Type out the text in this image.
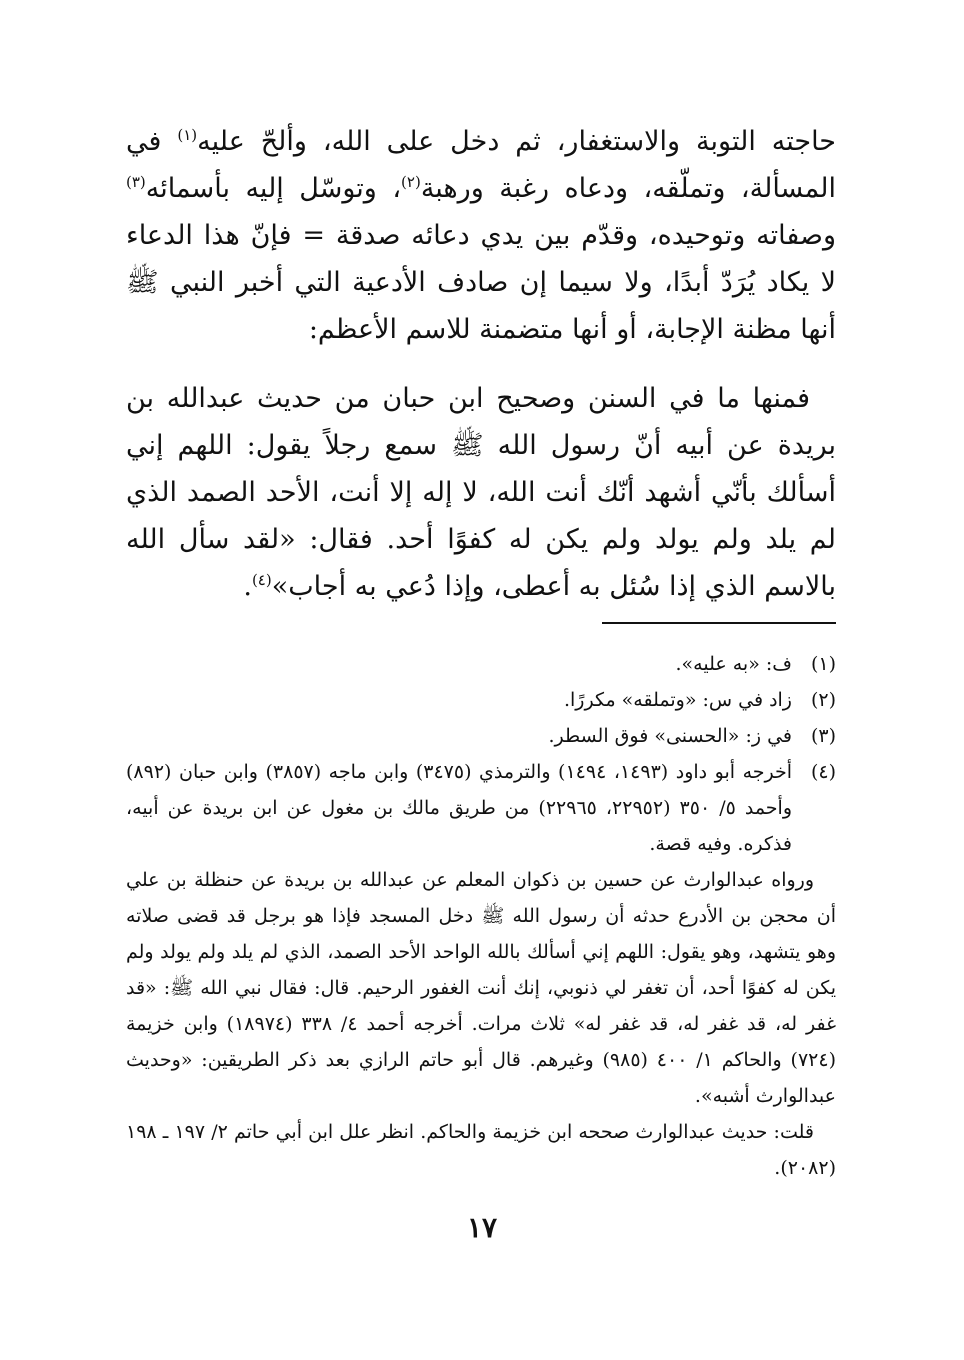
حاجته التوبة والاستغفار، ثم دخل على الله، وألحّ عليه$^{(١)}$ في المسألة، وتملّقه، ودعاه رغبة ورهبة$^{(٢)}$، وتوسّل إليه بأسمائه$^{(٣)}$ وصفاته وتوحيده، وقدّم بين يدي دعائه صدقة = فإنّ هذا الدعاء لا يكاد يُرَدّ أبدًا، ولا سيما إن صادف الأدعية التي أخبر النبي ﷺ أنها مظنة الإجابة، أو أنها متضمنة للاسم الأعظم:

فمنها ما في السنن وصحيح ابن حبان من حديث عبدالله بن بريدة عن أبيه أنّ رسول الله ﷺ سمع رجلاً يقول: اللهم إني أسألك بأنّي أشهد أنّك أنت الله، لا إله إلا أنت، الأحد الصمد الذي لم يلد ولم يولد ولم يكن له كفوًا أحد. فقال: «لقد سأل الله بالاسم الذي إذا سُئل به أعطى، وإذا دُعي به أجاب»$^{(٤)}$.

(١)
ف: «به عليه».
(٢)
زاد في س: «وتملقه» مكررًا.
(٣)
في ز: «الحسنى» فوق السطر.
(٤)
أخرجه أبو داود (١٤٩٣، ١٤٩٤) والترمذي (٣٤٧٥) وابن ماجه (٣٨٥٧) وابن حبان (٨٩٢) وأحمد ٥/ ٣٥٠ (٢٢٩٥٢، ٢٢٩٦٥) من طريق مالك بن مغول عن ابن بريدة عن أبيه، فذكره. وفيه قصة.

ورواه عبدالوارث عن حسين بن ذكوان المعلم عن عبدالله بن بريدة عن حنظلة بن علي أن محجن بن الأدرع حدثه أن رسول الله ﷺ دخل المسجد فإذا هو برجل قد قضى صلاته وهو يتشهد، وهو يقول: اللهم إني أسألك بالله الواحد الأحد الصمد، الذي لم يلد ولم يولد ولم يكن له كفوًا أحد، أن تغفر لي ذنوبي، إنك أنت الغفور الرحيم. قال: فقال نبي الله ﷺ: «قد غفر له، قد غفر له، قد غفر له» ثلاث مرات. أخرجه أحمد ٤/ ٣٣٨ (١٨٩٧٤) وابن خزيمة (٧٢٤) والحاكم ١/ ٤٠٠ (٩٨٥) وغيرهم. قال أبو حاتم الرازي بعد ذكر الطريقين: «وحديث عبدالوارث أشبه».

قلت: حديث عبدالوارث صححه ابن خزيمة والحاكم. انظر علل ابن أبي حاتم ٢/ ١٩٧ ـ ١٩٨ (٢٠٨٢).

١٧
